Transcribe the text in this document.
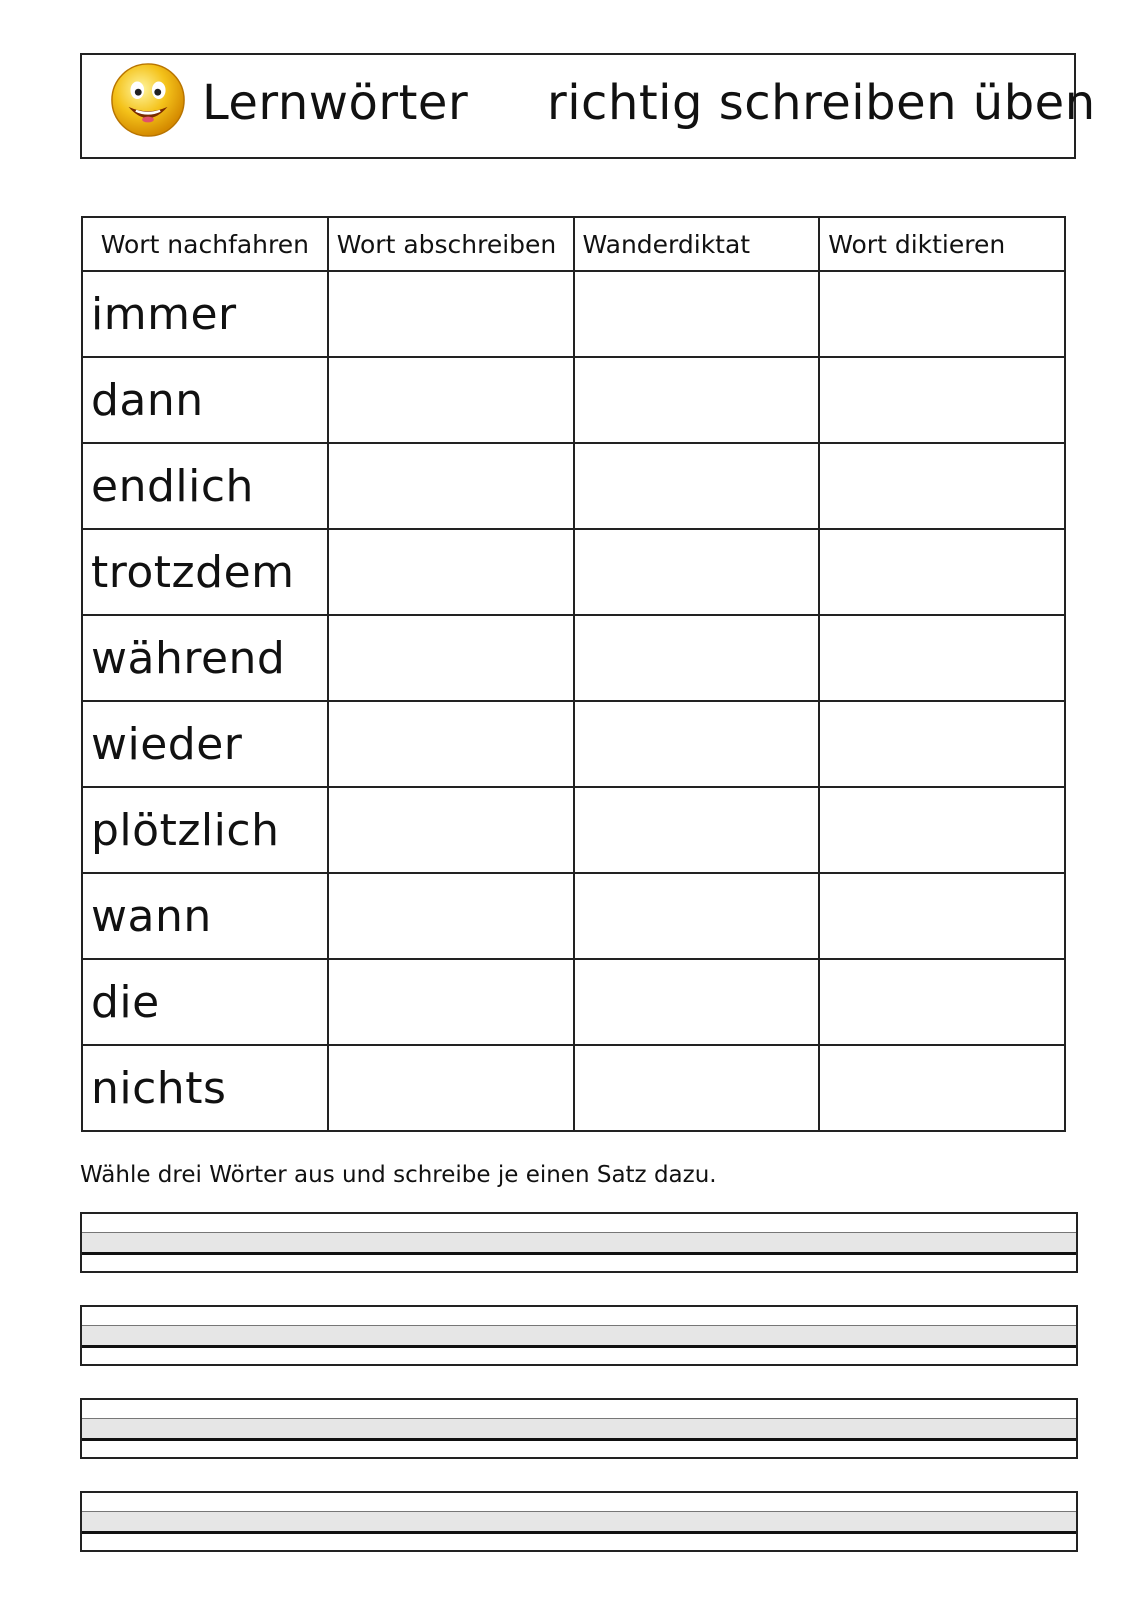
Lernwörter     richtig schreiben üben
Wort nachfahren	Wort abschreiben	Wanderdiktat	Wort diktieren
immer			
dann			
endlich			
trotzdem			
während			
wieder			
plötzlich			
wann			
die			
nichts			
Wähle drei Wörter aus und schreibe je einen Satz dazu.
